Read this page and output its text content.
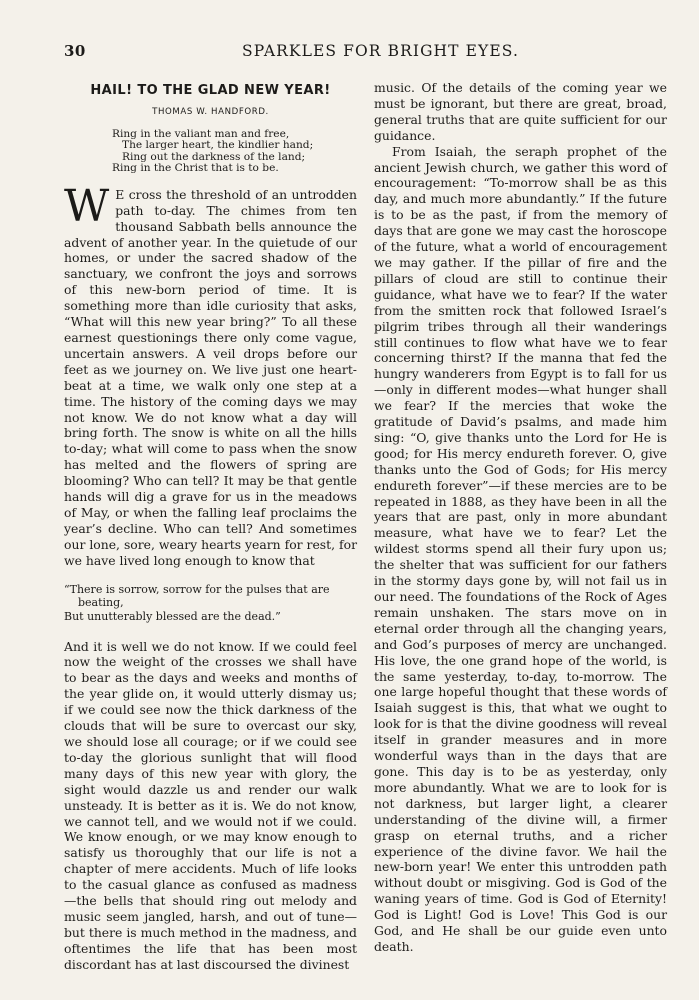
30	SPARKLES FOR BRIGHT EYES.
HAIL! TO THE GLAD NEW YEAR!
THOMAS W. HANDFORD.
Ring in the valiant man and free,
The larger heart, the kindlier hand;
Ring out the darkness of the land;
Ring in the Christ that is to be.

W E cross the threshold of an untrodden path to-day. The chimes from ten thousand Sabbath bells announce the advent of another year. In the quietude of our homes, or under the sacred shadow of the sanctuary, we confront the joys and sorrows of this new-born period of time. It is something more than idle curiosity that asks, “What will this new year bring?” To all these earnest questionings there only come vague, uncertain answers. A veil drops before our feet as we journey on. We live just one heart-beat at a time, we walk only one step at a time. The history of the coming days we may not know. We do not know what a day will bring forth. The snow is white on all the hills to-day; what will come to pass when the snow has melted and the flowers of spring are blooming? Who can tell? It may be that gentle hands will dig a grave for us in the meadows of May, or when the falling leaf proclaims the year’s decline. Who can tell? And sometimes our lone, sore, weary hearts yearn for rest, for we have lived long enough to know that

“There is sorrow, sorrow for the pulses that are
beating,
But unutterably blessed are the dead.”

And it is well we do not know. If we could feel now the weight of the crosses we shall have to bear as the days and weeks and months of the year glide on, it would utterly dismay us; if we could see now the thick darkness of the clouds that will be sure to overcast our sky, we should lose all courage; or if we could see to-day the glorious sunlight that will flood many days of this new year with glory, the sight would dazzle us and render our walk unsteady. It is better as it is. We do not know, we cannot tell, and we would not if we could. We know enough, or we may know enough to satisfy us thoroughly that our life is not a chapter of mere accidents. Much of life looks to the casual glance as confused as madness—the bells that should ring out melody and music seem jangled, harsh, and out of tune—but there is much method in the madness, and oftentimes the life that has been most discordant has at last discoursed the divinest

music. Of the details of the coming year we must be ignorant, but there are great, broad, general truths that are quite sufficient for our guidance.

From Isaiah, the seraph prophet of the ancient Jewish church, we gather this word of encouragement: “To-morrow shall be as this day, and much more abundantly.” If the future is to be as the past, if from the memory of days that are gone we may cast the horoscope of the future, what a world of encouragement we may gather. If the pillar of fire and the pillars of cloud are still to continue their guidance, what have we to fear? If the water from the smitten rock that followed Israel’s pilgrim tribes through all their wanderings still continues to flow what have we to fear concerning thirst? If the manna that fed the hungry wanderers from Egypt is to fall for us—only in different modes—what hunger shall we fear? If the mercies that woke the gratitude of David’s psalms, and made him sing: “O, give thanks unto the Lord for He is good; for His mercy endureth forever. O, give thanks unto the God of Gods; for His mercy endureth forever”—if these mercies are to be repeated in 1888, as they have been in all the years that are past, only in more abundant measure, what have we to fear? Let the wildest storms spend all their fury upon us; the shelter that was sufficient for our fathers in the stormy days gone by, will not fail us in our need. The foundations of the Rock of Ages remain unshaken. The stars move on in eternal order through all the changing years, and God’s purposes of mercy are unchanged. His love, the one grand hope of the world, is the same yesterday, to-day, to-morrow. The one large hopeful thought that these words of Isaiah suggest is this, that what we ought to look for is that the divine goodness will reveal itself in grander measures and in more wonderful ways than in the days that are gone. This day is to be as yesterday, only more abundantly. What we are to look for is not darkness, but larger light, a clearer understanding of the divine will, a firmer grasp on eternal truths, and a richer experience of the divine favor. We hail the new-born year! We enter this untrodden path without doubt or misgiving. God is God of the waning years of time. God is God of Eternity! God is Light! God is Love! This God is our God, and He shall be our guide even unto death.
